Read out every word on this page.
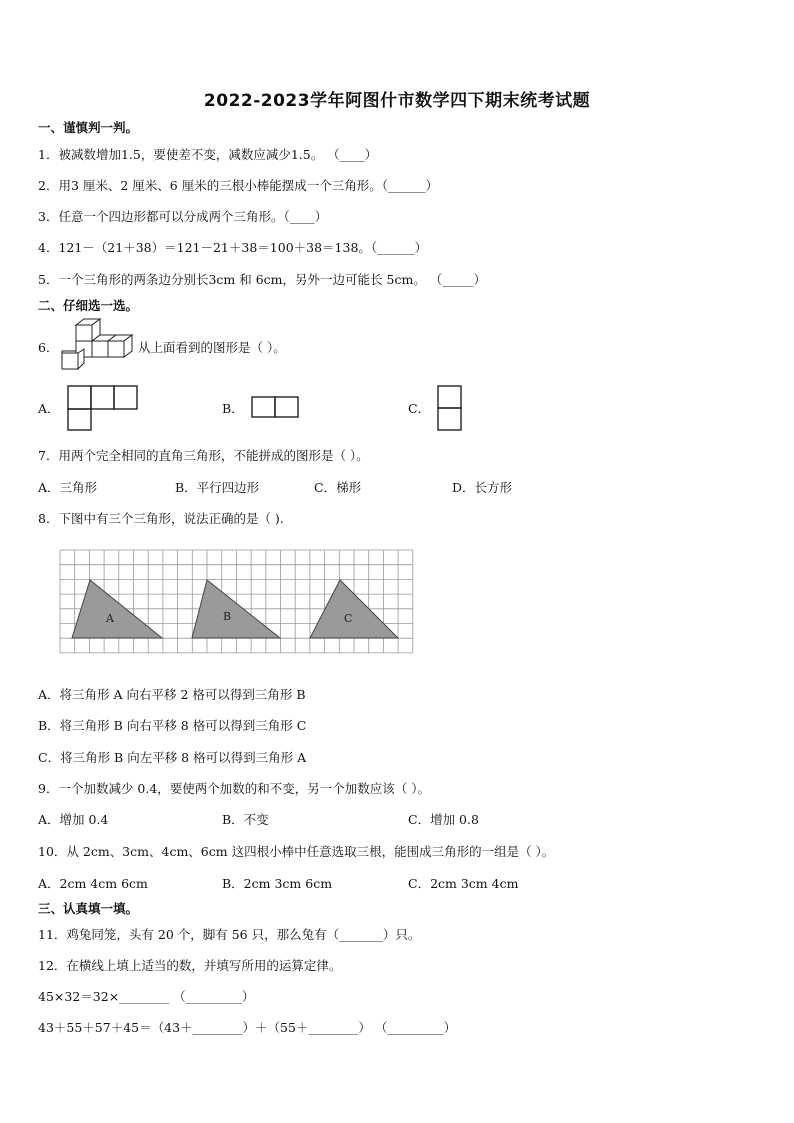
2022-2023学年阿图什市数学四下期末统考试题
一、谨慎判一判。
1．被减数增加1.5，要使差不变，减数应减少1.5。 （____）
2．用3 厘米、2 厘米、6 厘米的三根小棒能摆成一个三角形。（______）
3．任意一个四边形都可以分成两个三角形。（____）
4．121－（21＋38）＝121－21＋38＝100＋38＝138。（______）
5．一个三角形的两条边分别长3cm 和 6cm，另外一边可能长 5cm。 （_____）
二、仔细选一选。
6．	从上面看到的图形是（ ）。
A．	B．	C．
7．用两个完全相同的直角三角形，不能拼成的图形是（ ）。
A．三角形	B．平行四边形	C．梯形	D．长方形
8．下图中有三个三角形，说法正确的是（ ).
A	B	C
A．将三角形 A 向右平移 2 格可以得到三角形 B
B．将三角形 B 向右平移 8 格可以得到三角形 C
C．将三角形 B 向左平移 8 格可以得到三角形 A
9．一个加数减少 0.4，要使两个加数的和不变，另一个加数应该（ ）。
A．增加 0.4	B．不变	C．增加 0.8
10．从 2cm、3cm、4cm、6cm 这四根小棒中任意选取三根，能围成三角形的一组是（ ）。
A．2cm 4cm 6cm	B．2cm 3cm 6cm	C．2cm 3cm 4cm
三、认真填一填。
11．鸡兔同笼，头有 20 个，脚有 56 只，那么兔有（_______）只。
12．在横线上填上适当的数，并填写所用的运算定律。
45×32＝32×________ （_________）
43＋55＋57＋45＝（43＋________）＋（55＋________） （_________）
